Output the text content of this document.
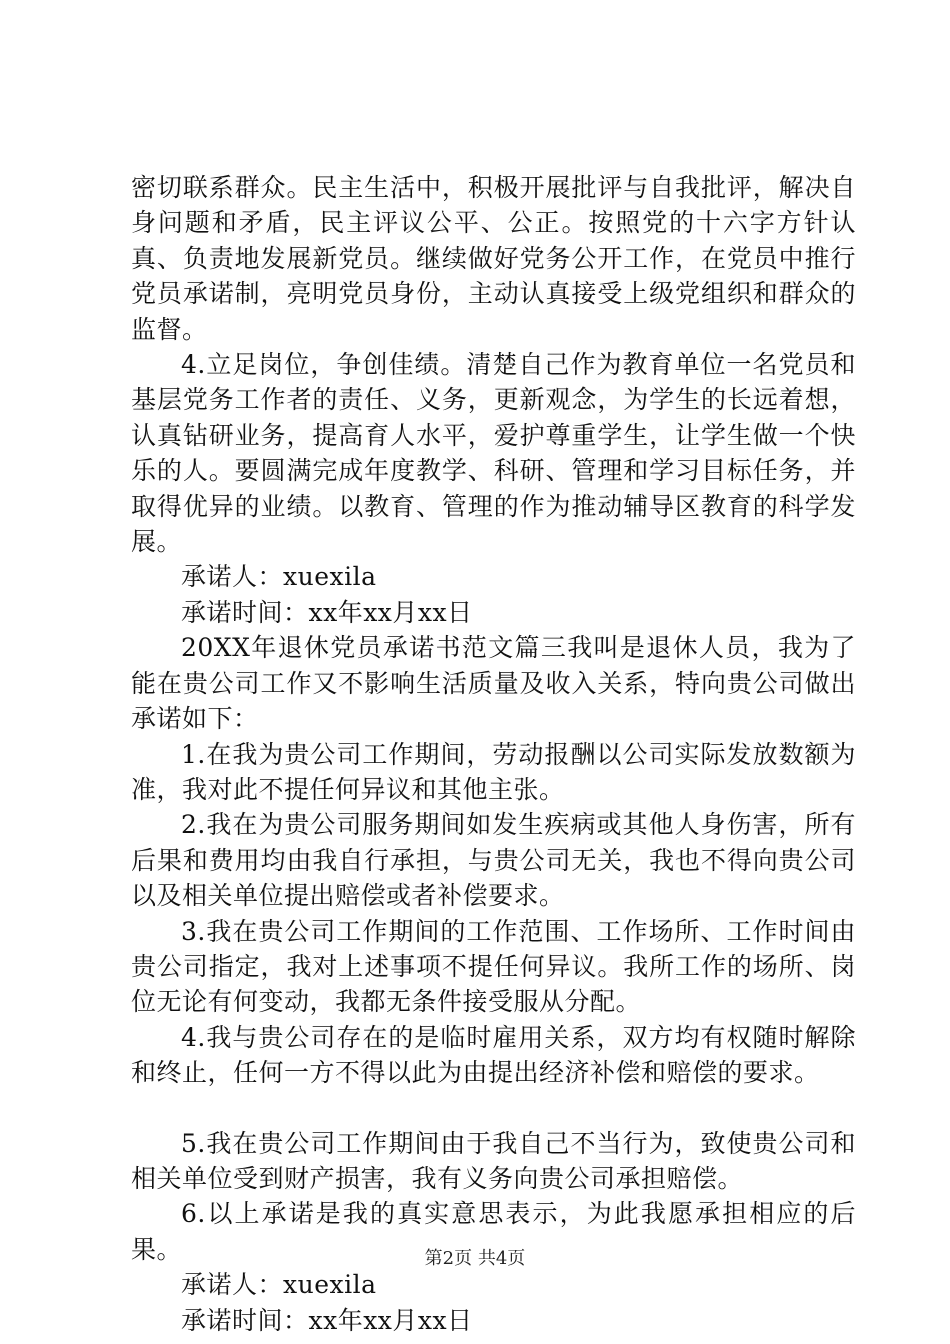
密切联系群众。民主生活中，积极开展批评与自我批评，解决自身问题和矛盾，民主评议公平、公正。按照党的十六字方针认真、负责地发展新党员。继续做好党务公开工作，在党员中推行党员承诺制，亮明党员身份，主动认真接受上级党组织和群众的监督。

4.立足岗位，争创佳绩。清楚自己作为教育单位一名党员和基层党务工作者的责任、义务，更新观念，为学生的长远着想，认真钻研业务，提高育人水平，爱护尊重学生，让学生做一个快乐的人。要圆满完成年度教学、科研、管理和学习目标任务，并取得优异的业绩。以教育、管理的作为推动辅导区教育的科学发展。

承诺人：xuexila

承诺时间：xx年xx月xx日

20XX年退休党员承诺书范文篇三我叫是退休人员，我为了能在贵公司工作又不影响生活质量及收入关系，特向贵公司做出承诺如下：

1.在我为贵公司工作期间，劳动报酬以公司实际发放数额为准，我对此不提任何异议和其他主张。

2.我在为贵公司服务期间如发生疾病或其他人身伤害，所有后果和费用均由我自行承担，与贵公司无关，我也不得向贵公司以及相关单位提出赔偿或者补偿要求。

3.我在贵公司工作期间的工作范围、工作场所、工作时间由贵公司指定，我对上述事项不提任何异议。我所工作的场所、岗位无论有何变动，我都无条件接受服从分配。

4.我与贵公司存在的是临时雇用关系，双方均有权随时解除和终止，任何一方不得以此为由提出经济补偿和赔偿的要求。

5.我在贵公司工作期间由于我自己不当行为，致使贵公司和相关单位受到财产损害，我有义务向贵公司承担赔偿。

6.以上承诺是我的真实意思表示，为此我愿承担相应的后果。

承诺人：xuexila

承诺时间：xx年xx月xx日

第2页 共4页
